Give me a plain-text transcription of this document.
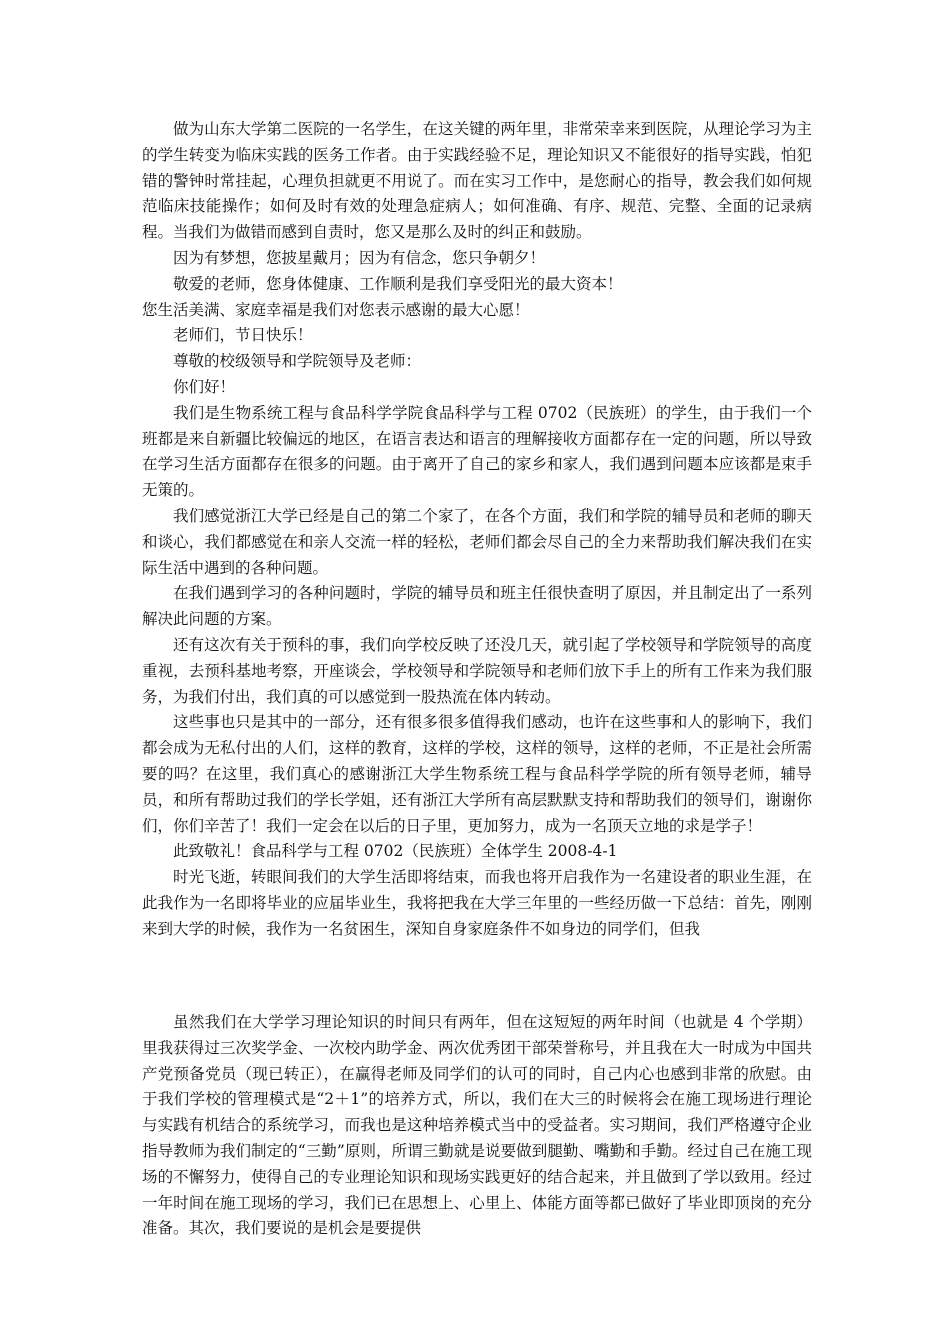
做为山东大学第二医院的一名学生，在这关键的两年里，非常荣幸来到医院，从理论学习为主的学生转变为临床实践的医务工作者。由于实践经验不足，理论知识又不能很好的指导实践，怕犯错的警钟时常挂起，心理负担就更不用说了。而在实习工作中，是您耐心的指导，教会我们如何规范临床技能操作；如何及时有效的处理急症病人；如何准确、有序、规范、完整、全面的记录病程。当我们为做错而感到自责时，您又是那么及时的纠正和鼓励。

因为有梦想，您披星戴月；因为有信念，您只争朝夕！

敬爱的老师，您身体健康、工作顺利是我们享受阳光的最大资本！

您生活美满、家庭幸福是我们对您表示感谢的最大心愿！

老师们，节日快乐！

尊敬的校级领导和学院领导及老师：

你们好！

我们是生物系统工程与食品科学学院食品科学与工程 0702（民族班）的学生，由于我们一个班都是来自新疆比较偏远的地区，在语言表达和语言的理解接收方面都存在一定的问题，所以导致在学习生活方面都存在很多的问题。由于离开了自己的家乡和家人，我们遇到问题本应该都是束手无策的。

我们感觉浙江大学已经是自己的第二个家了，在各个方面，我们和学院的辅导员和老师的聊天和谈心，我们都感觉在和亲人交流一样的轻松，老师们都会尽自己的全力来帮助我们解决我们在实际生活中遇到的各种问题。

在我们遇到学习的各种问题时，学院的辅导员和班主任很快查明了原因，并且制定出了一系列解决此问题的方案。

还有这次有关于预科的事，我们向学校反映了还没几天，就引起了学校领导和学院领导的高度重视，去预科基地考察，开座谈会，学校领导和学院领导和老师们放下手上的所有工作来为我们服务，为我们付出，我们真的可以感觉到一股热流在体内转动。

这些事也只是其中的一部分，还有很多很多值得我们感动，也许在这些事和人的影响下，我们都会成为无私付出的人们，这样的教育，这样的学校，这样的领导，这样的老师，不正是社会所需要的吗？在这里，我们真心的感谢浙江大学生物系统工程与食品科学学院的所有领导老师，辅导员，和所有帮助过我们的学长学姐，还有浙江大学所有高层默默支持和帮助我们的领导们，谢谢你们，你们辛苦了！我们一定会在以后的日子里，更加努力，成为一名顶天立地的求是学子！

此致敬礼！食品科学与工程 0702（民族班）全体学生 2008-4-1

时光飞逝，转眼间我们的大学生活即将结束，而我也将开启我作为一名建设者的职业生涯，在此我作为一名即将毕业的应届毕业生，我将把我在大学三年里的一些经历做一下总结：首先，刚刚来到大学的时候，我作为一名贫困生，深知自身家庭条件不如身边的同学们，但我

虽然我们在大学学习理论知识的时间只有两年，但在这短短的两年时间（也就是 4 个学期）里我获得过三次奖学金、一次校内助学金、两次优秀团干部荣誉称号，并且我在大一时成为中国共产党预备党员（现已转正），在赢得老师及同学们的认可的同时，自己内心也感到非常的欣慰。由于我们学校的管理模式是“2＋1”的培养方式，所以，我们在大三的时候将会在施工现场进行理论与实践有机结合的系统学习，而我也是这种培养模式当中的受益者。实习期间，我们严格遵守企业指导教师为我们制定的“三勤”原则，所谓三勤就是说要做到腿勤、嘴勤和手勤。经过自己在施工现场的不懈努力，使得自己的专业理论知识和现场实践更好的结合起来，并且做到了学以致用。经过一年时间在施工现场的学习，我们已在思想上、心里上、体能方面等都已做好了毕业即顶岗的充分准备。其次，我们要说的是机会是要提供
